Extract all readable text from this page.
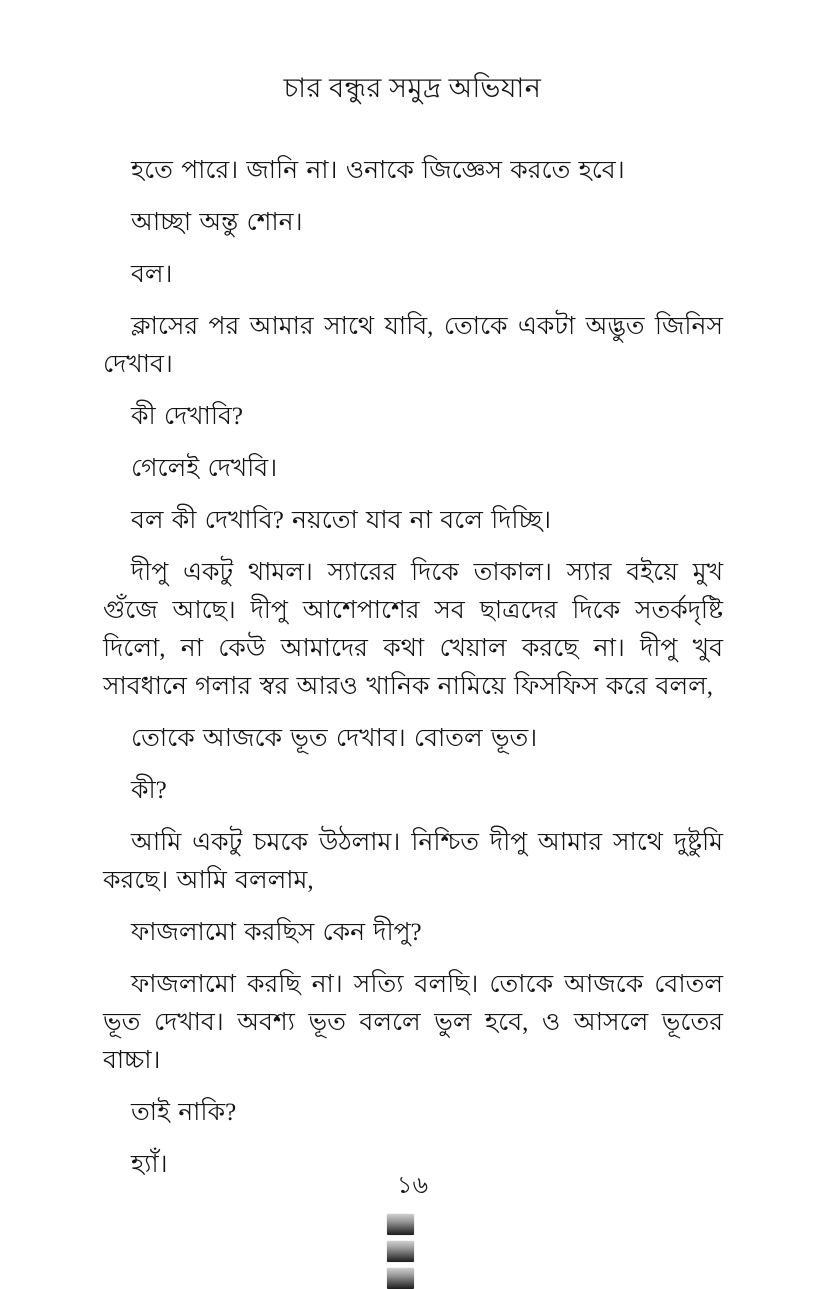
চার বন্ধুর সমুদ্র অভিযান

হতে পারে। জানি না। ওনাকে জিজ্ঞেস করতে হবে।

আচ্ছা অন্তু শোন।

বল।

ক্লাসের পর আমার সাথে যাবি, তোকে একটা অদ্ভুত জিনিস দেখাব।

কী দেখাবি?

গেলেই দেখবি।

বল কী দেখাবি? নয়তো যাব না বলে দিচ্ছি।

দীপু একটু থামল। স্যারের দিকে তাকাল। স্যার বইয়ে মুখ গুঁজে আছে। দীপু আশেপাশের সব ছাত্রদের দিকে সতর্কদৃষ্টি দিলো, না কেউ আমাদের কথা খেয়াল করছে না। দীপু খুব সাবধানে গলার স্বর আরও খানিক নামিয়ে ফিসফিস করে বলল,

তোকে আজকে ভূত দেখাব। বোতল ভূত।

কী?

আমি একটু চমকে উঠলাম। নিশ্চিত দীপু আমার সাথে দুষ্টুমি করছে। আমি বললাম,

ফাজলামো করছিস কেন দীপু?

ফাজলামো করছি না। সত্যি বলছি। তোকে আজকে বোতল ভূত দেখাব। অবশ্য ভূত বললে ভুল হবে, ও আসলে ভূতের বাচ্চা।

তাই নাকি?

হ্যাঁ।

১৬
